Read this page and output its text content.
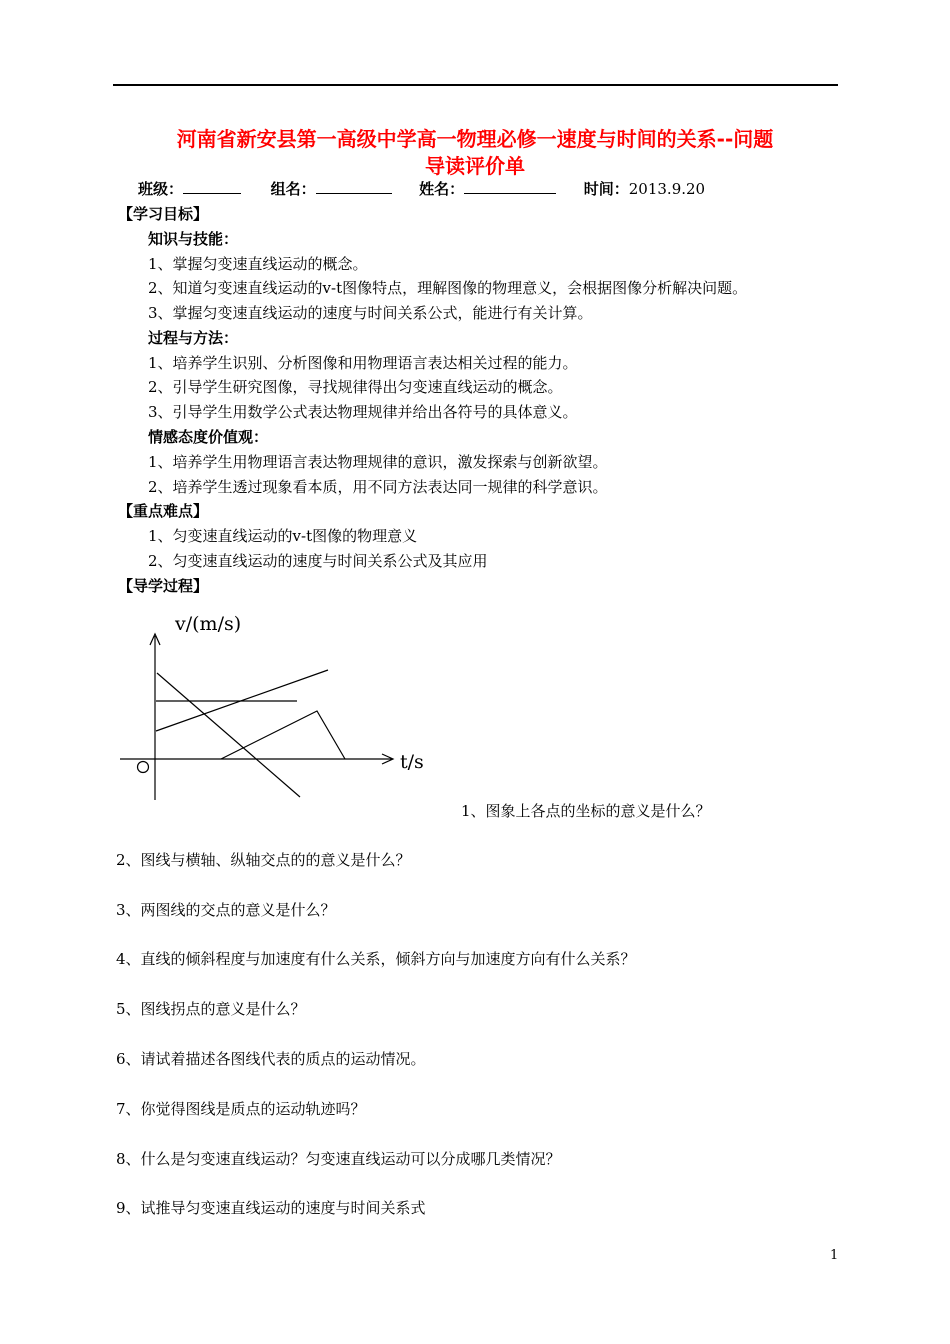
河南省新安县第一高级中学高一物理必修一速度与时间的关系--问题
导读评价单
班级：	组名：	姓名：	时间：2013.9.20
【学习目标】
知识与技能：
1、掌握匀变速直线运动的概念。
2、知道匀变速直线运动的v-t图像特点，理解图像的物理意义，会根据图像分析解决问题。
3、掌握匀变速直线运动的速度与时间关系公式，能进行有关计算。
过程与方法：
1、培养学生识别、分析图像和用物理语言表达相关过程的能力。
2、引导学生研究图像，寻找规律得出匀变速直线运动的概念。
3、引导学生用数学公式表达物理规律并给出各符号的具体意义。
情感态度价值观：
1、培养学生用物理语言表达物理规律的意识，激发探索与创新欲望。
2、培养学生透过现象看本质，用不同方法表达同一规律的科学意识。
【重点难点】
1、匀变速直线运动的v-t图像的物理意义
2、匀变速直线运动的速度与时间关系公式及其应用
【导学过程】
v/(m/s)
t/s
1、图象上各点的坐标的意义是什么？
2、图线与横轴、纵轴交点的的意义是什么？
3、两图线的交点的意义是什么？
4、直线的倾斜程度与加速度有什么关系，倾斜方向与加速度方向有什么关系？
5、图线拐点的意义是什么？
6、请试着描述各图线代表的质点的运动情况。
7、你觉得图线是质点的运动轨迹吗？
8、什么是匀变速直线运动？匀变速直线运动可以分成哪几类情况？
9、试推导匀变速直线运动的速度与时间关系式
1
